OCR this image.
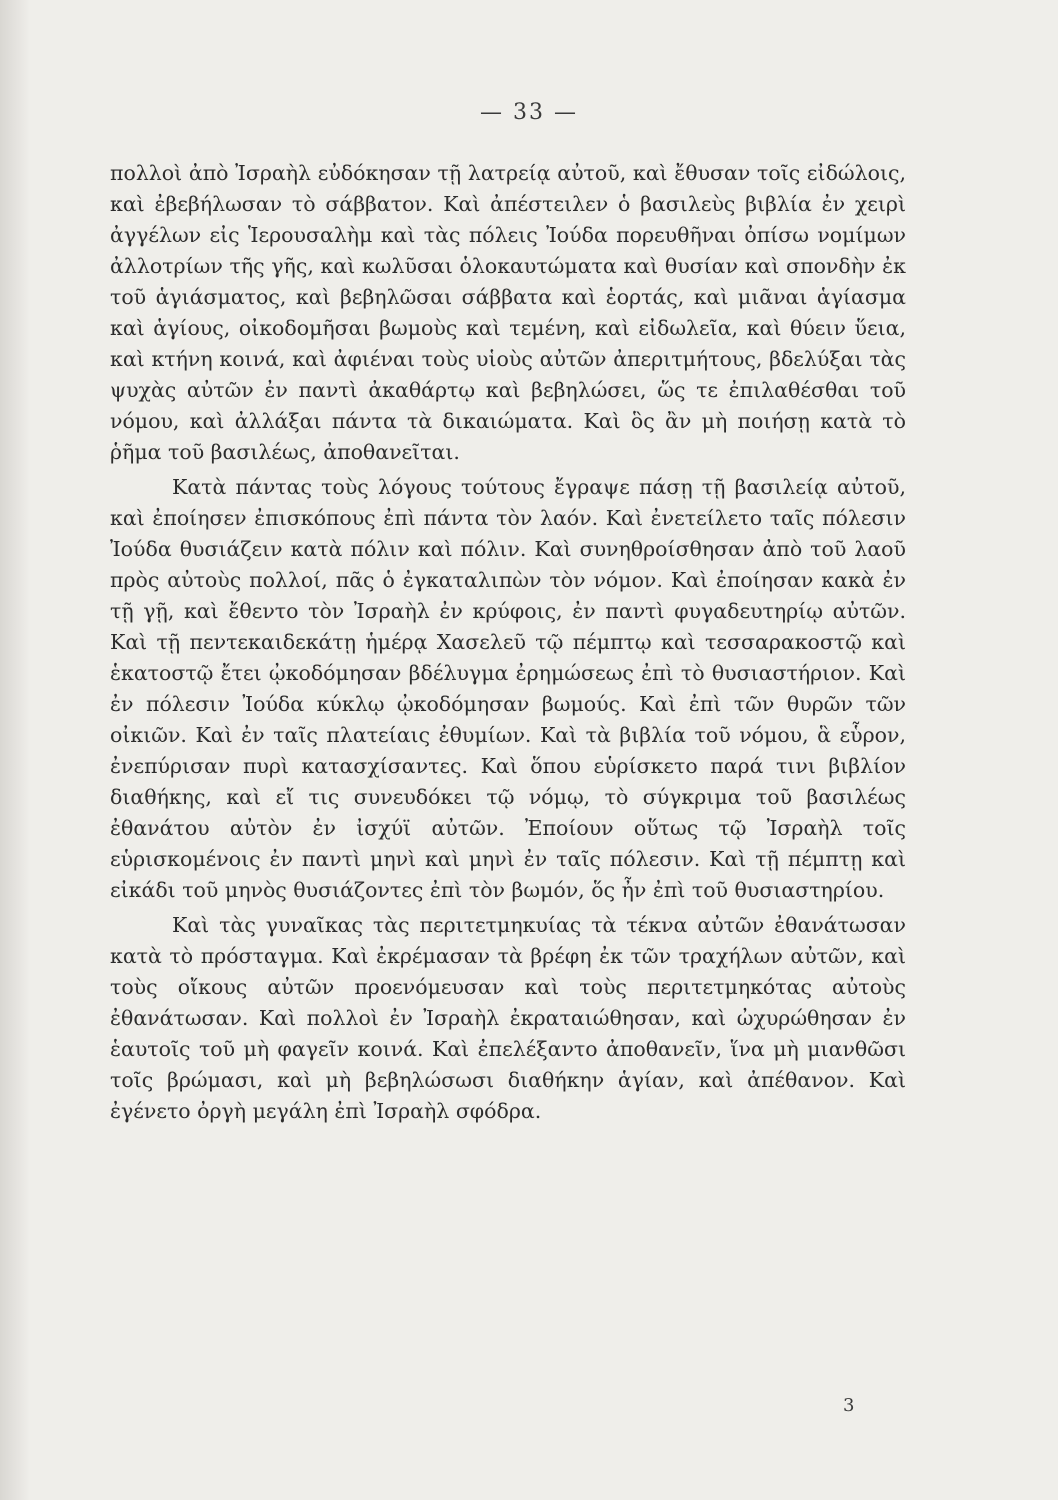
— 33 —

πολλοὶ ἀπὸ Ἰσραὴλ εὐδόκησαν τῇ λατρείᾳ αὐτοῦ, καὶ ἔθυσαν τοῖς εἰδώλοις, καὶ ἐβεβήλωσαν τὸ σάββατον. Καὶ ἀπέστειλεν ὁ βασιλεὺς βιβλία ἐν χειρὶ ἀγγέλων εἰς Ἱερουσαλὴμ καὶ τὰς πόλεις Ἰούδα πορευθῆναι ὀπίσω νομίμων ἀλλοτρίων τῆς γῆς, καὶ κωλῦσαι ὁλοκαυτώματα καὶ θυσίαν καὶ σπονδὴν ἐκ τοῦ ἁγιάσματος, καὶ βεβηλῶσαι σάββατα καὶ ἑορτάς, καὶ μιᾶναι ἁγίασμα καὶ ἁγίους, οἰκοδομῆσαι βωμοὺς καὶ τεμένη, καὶ εἰδωλεῖα, καὶ θύειν ὕεια, καὶ κτήνη κοινά, καὶ ἀφιέναι τοὺς υἱοὺς αὐτῶν ἀπεριτμήτους, βδελύξαι τὰς ψυχὰς αὐτῶν ἐν παντὶ ἀκαθάρτῳ καὶ βεβηλώσει, ὥς τε ἐπιλαθέσθαι τοῦ νόμου, καὶ ἀλλάξαι πάντα τὰ δικαιώματα. Καὶ ὃς ἂν μὴ ποιήσῃ κατὰ τὸ ῥῆμα τοῦ βασιλέως, ἀποθανεῖται.

Κατὰ πάντας τοὺς λόγους τούτους ἔγραψε πάσῃ τῇ βασιλείᾳ αὐτοῦ, καὶ ἐποίησεν ἐπισκόπους ἐπὶ πάντα τὸν λαόν. Καὶ ἐνετείλετο ταῖς πόλεσιν Ἰούδα θυσιάζειν κατὰ πόλιν καὶ πόλιν. Καὶ συνηθροίσθησαν ἀπὸ τοῦ λαοῦ πρὸς αὐτοὺς πολλοί, πᾶς ὁ ἐγκαταλιπὼν τὸν νόμον. Καὶ ἐποίησαν κακὰ ἐν τῇ γῇ, καὶ ἔθεντο τὸν Ἰσραὴλ ἐν κρύφοις, ἐν παντὶ φυγαδευτηρίῳ αὐτῶν. Καὶ τῇ πεντεκαιδεκάτῃ ἡμέρᾳ Χασελεῦ τῷ πέμπτῳ καὶ τεσσαρακοστῷ καὶ ἑκατοστῷ ἔτει ᾠκοδόμησαν βδέλυγμα ἐρημώσεως ἐπὶ τὸ θυσιαστήριον. Καὶ ἐν πόλεσιν Ἰούδα κύκλῳ ᾠκοδόμησαν βωμούς. Καὶ ἐπὶ τῶν θυρῶν τῶν οἰκιῶν. Καὶ ἐν ταῖς πλατείαις ἐθυμίων. Καὶ τὰ βιβλία τοῦ νόμου, ἃ εὗρον, ἐνεπύρισαν πυρὶ κατασχίσαντες. Καὶ ὅπου εὑρίσκετο παρά τινι βιβλίον διαθήκης, καὶ εἴ τις συνευδόκει τῷ νόμῳ, τὸ σύγκριμα τοῦ βασιλέως ἐθανάτου αὐτὸν ἐν ἰσχύϊ αὐτῶν. Ἐποίουν οὕτως τῷ Ἰσραὴλ τοῖς εὑρισκομένοις ἐν παντὶ μηνὶ καὶ μηνὶ ἐν ταῖς πόλεσιν. Καὶ τῇ πέμπτῃ καὶ εἰκάδι τοῦ μηνὸς θυσιάζοντες ἐπὶ τὸν βωμόν, ὅς ἦν ἐπὶ τοῦ θυσιαστηρίου.

Καὶ τὰς γυναῖκας τὰς περιτετμηκυίας τὰ τέκνα αὐτῶν ἐθανάτωσαν κατὰ τὸ πρόσταγμα. Καὶ ἐκρέμασαν τὰ βρέφη ἐκ τῶν τραχήλων αὐτῶν, καὶ τοὺς οἴκους αὐτῶν προενόμευσαν καὶ τοὺς περιτετμηκότας αὐτοὺς ἐθανάτωσαν. Καὶ πολλοὶ ἐν Ἰσραὴλ ἐκραταιώθησαν, καὶ ὠχυρώθησαν ἐν ἑαυτοῖς τοῦ μὴ φαγεῖν κοινά. Καὶ ἐπελέξαντο ἀποθανεῖν, ἵνα μὴ μιανθῶσι τοῖς βρώμασι, καὶ μὴ βεβηλώσωσι διαθήκην ἁγίαν, καὶ ἀπέθανον. Καὶ ἐγένετο ὀργὴ μεγάλη ἐπὶ Ἰσραὴλ σφόδρα.

3
